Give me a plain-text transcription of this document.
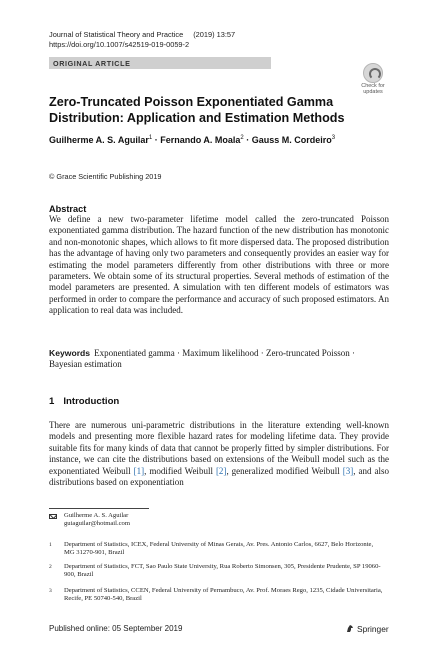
Journal of Statistical Theory and Practice (2019) 13:57
https://doi.org/10.1007/s42519-019-0059-2
ORIGINAL ARTICLE
Check for
updates
Zero-Truncated Poisson Exponentiated Gamma Distribution: Application and Estimation Methods
Guilherme A. S. Aguilar$^1$ · Fernando A. Moala$^2$ · Gauss M. Cordeiro$^3$
© Grace Scientific Publishing 2019
Abstract
We define a new two-parameter lifetime model called the zero-truncated Poisson exponentiated gamma distribution. The hazard function of the new distribution has monotonic and non-monotonic shapes, which allows to fit more dispersed data. The proposed distribution has the advantage of having only two parameters and consequently provides an easier way for estimating the model parameters differently from other distributions with three or more parameters. We obtain some of its structural properties. Several methods of estimation of the model parameters are presented. A simulation with ten different models of estimators was performed in order to compare the performance and accuracy of such proposed estimators. An application to real data was included.
Keywords Exponentiated gamma · Maximum likelihood · Zero-truncated Poisson · Bayesian estimation
1 Introduction
There are numerous uni-parametric distributions in the literature extending well-known models and presenting more flexible hazard rates for modeling lifetime data. They provide suitable fits for many kinds of data that cannot be properly fitted by simpler distributions. For instance, we can cite the distributions based on extensions of the Weibull model such as the exponentiated Weibull [1], modified Weibull [2], generalized modified Weibull [3], and also distributions based on exponentiation
Guilherme A. S. Aguilar
guiaguilar@hotmail.com
1 Department of Statistics, ICEX, Federal University of Minas Gerais, Av. Pres. Antonio Carlos, 6627, Belo Horizonte, MG 31270-901, Brazil
2 Department of Statistics, FCT, Sao Paulo State University, Rua Roberto Simonsen, 305, Presidente Prudente, SP 19060-900, Brazil
3 Department of Statistics, CCEN, Federal University of Pernambuco, Av. Prof. Moraes Rego, 1235, Cidade Universitaria, Recife, PE 50740-540, Brazil
Published online: 05 September 2019	Springer
